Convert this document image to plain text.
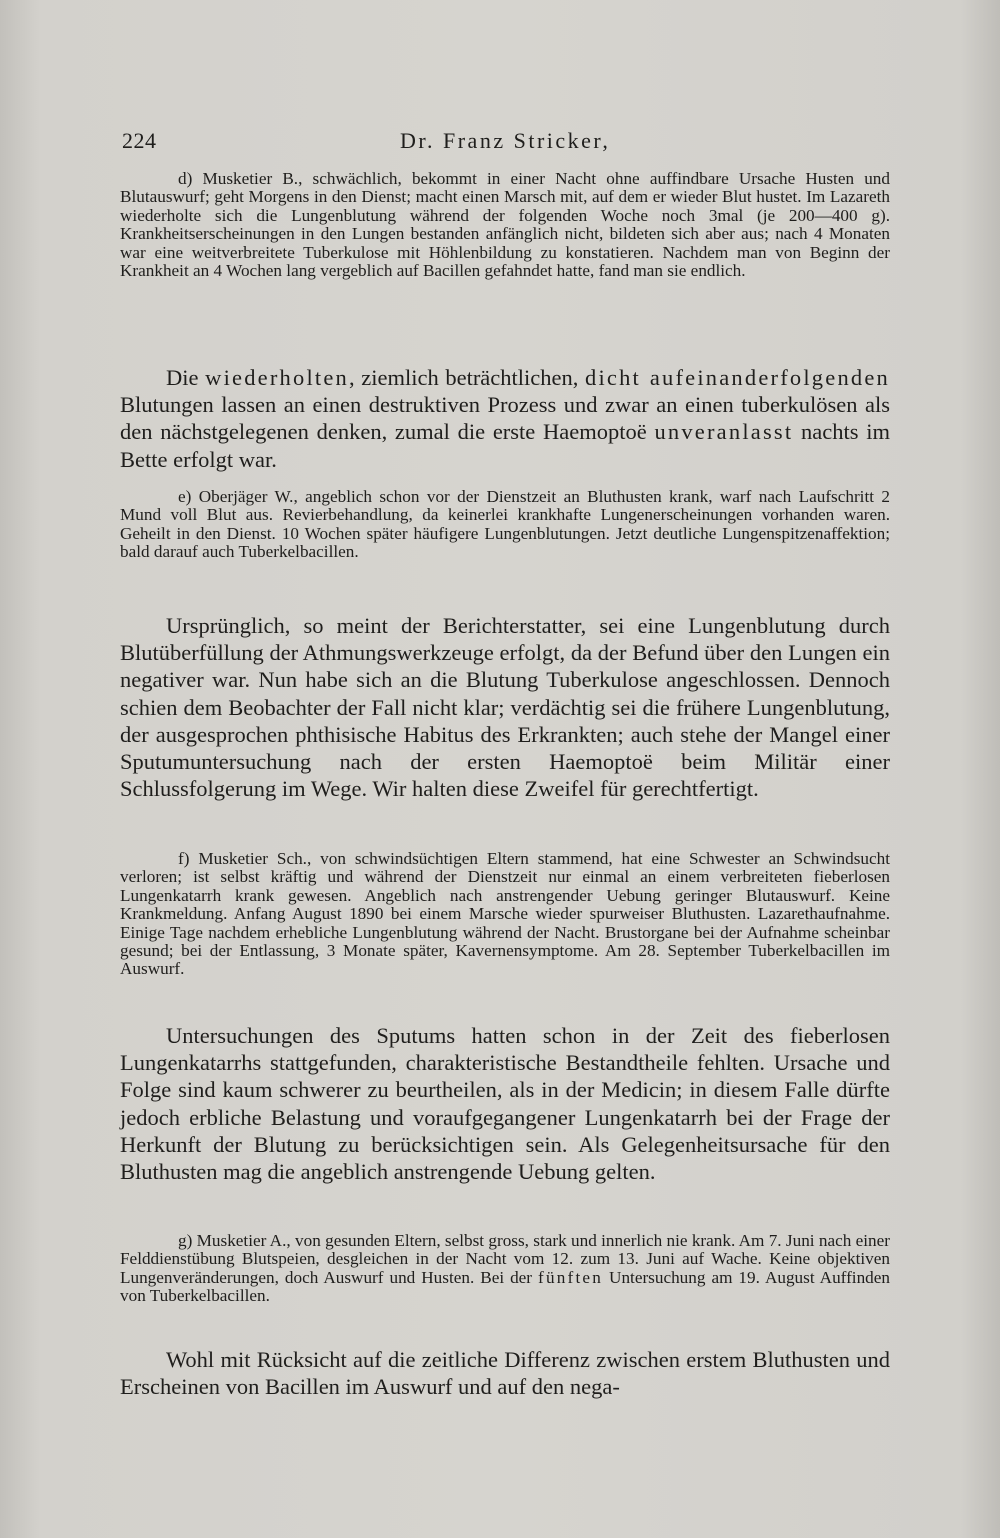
224	Dr. Franz Stricker,

d) Musketier B., schwächlich, bekommt in einer Nacht ohne auffindbare Ursache Husten und Blutauswurf; geht Morgens in den Dienst; macht einen Marsch mit, auf dem er wieder Blut hustet. Im Lazareth wiederholte sich die Lungenblutung während der folgenden Woche noch 3mal (je 200—400 g). Krankheitserscheinungen in den Lungen bestanden anfänglich nicht, bildeten sich aber aus; nach 4 Monaten war eine weitverbreitete Tuberkulose mit Höhlenbildung zu konstatieren. Nachdem man von Beginn der Krankheit an 4 Wochen lang vergeblich auf Bacillen gefahndet hatte, fand man sie endlich.

Die wiederholten, ziemlich beträchtlichen, dicht aufeinanderfolgenden Blutungen lassen an einen destruktiven Prozess und zwar an einen tuberkulösen als den nächstgelegenen denken, zumal die erste Haemoptoë unveranlasst nachts im Bette erfolgt war.

e) Oberjäger W., angeblich schon vor der Dienstzeit an Bluthusten krank, warf nach Laufschritt 2 Mund voll Blut aus. Revierbehandlung, da keinerlei krankhafte Lungenerscheinungen vorhanden waren. Geheilt in den Dienst. 10 Wochen später häufigere Lungenblutungen. Jetzt deutliche Lungenspitzenaffektion; bald darauf auch Tuberkelbacillen.

Ursprünglich, so meint der Berichterstatter, sei eine Lungenblutung durch Blutüberfüllung der Athmungswerkzeuge erfolgt, da der Befund über den Lungen ein negativer war. Nun habe sich an die Blutung Tuberkulose angeschlossen. Dennoch schien dem Beobachter der Fall nicht klar; verdächtig sei die frühere Lungenblutung, der ausgesprochen phthisische Habitus des Erkrankten; auch stehe der Mangel einer Sputumuntersuchung nach der ersten Haemoptoë beim Militär einer Schlussfolgerung im Wege. Wir halten diese Zweifel für gerechtfertigt.

f) Musketier Sch., von schwindsüchtigen Eltern stammend, hat eine Schwester an Schwindsucht verloren; ist selbst kräftig und während der Dienstzeit nur einmal an einem verbreiteten fieberlosen Lungenkatarrh krank gewesen. Angeblich nach anstrengender Uebung geringer Blutauswurf. Keine Krankmeldung. Anfang August 1890 bei einem Marsche wieder spurweiser Bluthusten. Lazarethaufnahme. Einige Tage nachdem erhebliche Lungenblutung während der Nacht. Brustorgane bei der Aufnahme scheinbar gesund; bei der Entlassung, 3 Monate später, Kavernensymptome. Am 28. September Tuberkelbacillen im Auswurf.

Untersuchungen des Sputums hatten schon in der Zeit des fieberlosen Lungenkatarrhs stattgefunden, charakteristische Bestandtheile fehlten. Ursache und Folge sind kaum schwerer zu beurtheilen, als in der Medicin; in diesem Falle dürfte jedoch erbliche Belastung und voraufgegangener Lungenkatarrh bei der Frage der Herkunft der Blutung zu berücksichtigen sein. Als Gelegenheitsursache für den Bluthusten mag die angeblich anstrengende Uebung gelten.

g) Musketier A., von gesunden Eltern, selbst gross, stark und innerlich nie krank. Am 7. Juni nach einer Felddienstübung Blutspeien, desgleichen in der Nacht vom 12. zum 13. Juni auf Wache. Keine objektiven Lungenveränderungen, doch Auswurf und Husten. Bei der fünften Untersuchung am 19. August Auffinden von Tuberkelbacillen.

Wohl mit Rücksicht auf die zeitliche Differenz zwischen erstem Bluthusten und Erscheinen von Bacillen im Auswurf und auf den nega-
